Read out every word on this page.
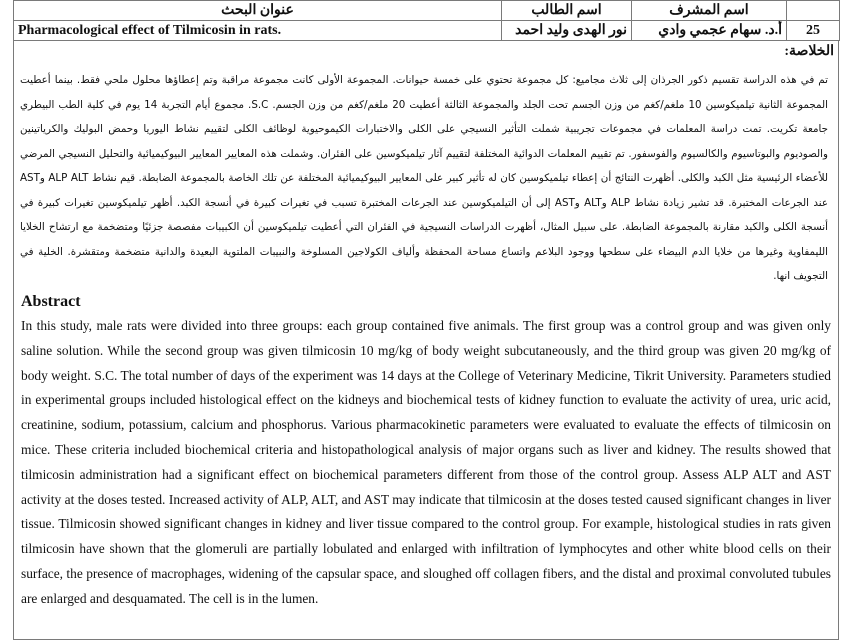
عنوان البحث	اسم الطالب	اسم المشرف	
Pharmacological effect of Tilmicosin in rats.	نور الهدى وليد احمد	أ.د. سهام عجمي وادي	25
الخلاصة:
تم في هذه الدراسة تقسيم ذكور الجرذان إلى ثلاث مجاميع: كل مجموعة تحتوي على خمسة حيوانات. المجموعة الأولى كانت مجموعة مراقبة وتم إعطاؤها محلول ملحي فقط. بينما أعطيت المجموعة الثانية تيلميكوسين 10 ملغم/كغم من وزن الجسم تحت الجلد والمجموعة الثالثة أعطيت 20 ملغم/كغم من وزن الجسم. S.C. مجموع أيام التجربة 14 يوم في كلية الطب البيطري جامعة تكريت. تمت دراسة المعلمات في مجموعات تجريبية شملت التأثير النسيجي على الكلى والاختبارات الكيموحيوية لوظائف الكلى لتقييم نشاط اليوريا وحمض البوليك والكرياتينين والصوديوم والبوتاسيوم والكالسيوم والفوسفور. تم تقييم المعلمات الدوائية المختلفة لتقييم آثار تيلميكوسين على الفئران. وشملت هذه المعايير المعايير البيوكيميائية والتحليل النسيجي المرضي للأعضاء الرئيسية مثل الكبد والكلى. أظهرت النتائج أن إعطاء تيلميكوسين كان له تأثير كبير على المعايير البيوكيميائية المختلفة عن تلك الخاصة بالمجموعة الضابطة. قيم نشاط ALP ALT وAST عند الجرعات المختبرة. قد تشير زيادة نشاط ALP وALT وAST إلى أن التيلميكوسين عند الجرعات المختبرة تسبب في تغيرات كبيرة في أنسجة الكبد. أظهر تيلميكوسين تغيرات كبيرة في أنسجة الكلى والكبد مقارنة بالمجموعة الضابطة. على سبيل المثال، أظهرت الدراسات النسيجية في الفئران التي أعطيت تيلميكوسين أن الكبيبات مفصصة جزئيًا ومتضخمة مع ارتشاح الخلايا الليمفاوية وغيرها من خلايا الدم البيضاء على سطحها ووجود البلاعم واتساع مساحة المحفظة وألياف الكولاجين المسلوخة والنبيبات الملتوية البعيدة والدانية متضخمة ومتقشرة. الخلية في التجويف انها.
Abstract
In this study, male rats were divided into three groups: each group contained five animals. The first group was a control group and was given only saline solution. While the second group was given tilmicosin 10 mg/kg of body weight subcutaneously, and the third group was given 20 mg/kg of body weight. S.C. The total number of days of the experiment was 14 days at the College of Veterinary Medicine, Tikrit University. Parameters studied in experimental groups included histological effect on the kidneys and biochemical tests of kidney function to evaluate the activity of urea, uric acid, creatinine, sodium, potassium, calcium and phosphorus. Various pharmacokinetic parameters were evaluated to evaluate the effects of tilmicosin on mice. These criteria included biochemical criteria and histopathological analysis of major organs such as liver and kidney. The results showed that tilmicosin administration had a significant effect on biochemical parameters different from those of the control group. Assess ALP ALT and AST activity at the doses tested. Increased activity of ALP, ALT, and AST may indicate that tilmicosin at the doses tested caused significant changes in liver tissue. Tilmicosin showed significant changes in kidney and liver tissue compared to the control group. For example, histological studies in rats given tilmicosin have shown that the glomeruli are partially lobulated and enlarged with infiltration of lymphocytes and other white blood cells on their surface, the presence of macrophages, widening of the capsular space, and sloughed off collagen fibers, and the distal and proximal convoluted tubules are enlarged and desquamated. The cell is in the lumen.
